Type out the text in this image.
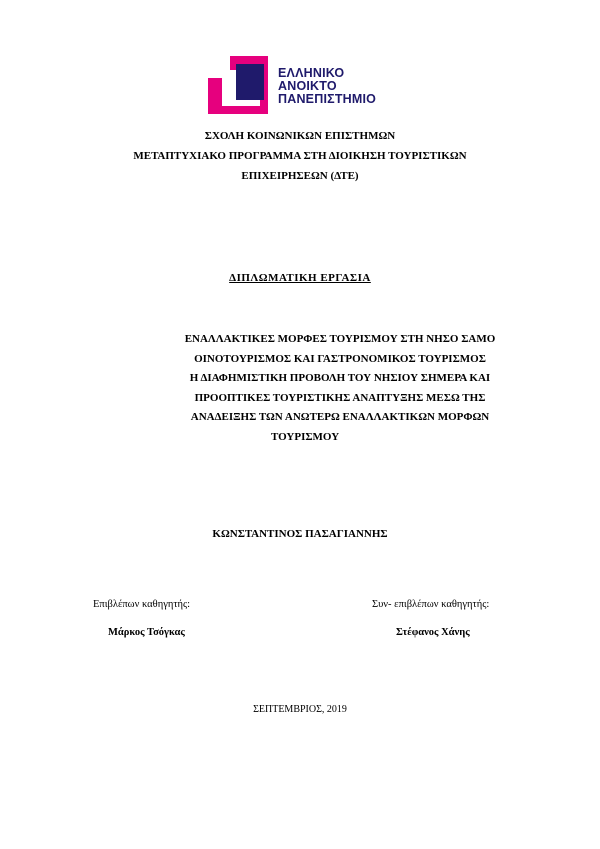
ΕΛΛΗΝΙΚΟ
ΑΝΟΙΚΤΟ
ΠΑΝΕΠΙΣΤΗΜΙΟ
ΣΧΟΛΗ ΚΟΙΝΩΝΙΚΩΝ ΕΠΙΣΤΗΜΩΝ
ΜΕΤΑΠΤΥΧΙΑΚΟ ΠΡΟΓΡΑΜΜΑ ΣΤΗ ΔΙΟΙΚΗΣΗ ΤΟΥΡΙΣΤΙΚΩΝ
ΕΠΙΧΕΙΡΗΣΕΩΝ (ΔΤΕ)
ΔΙΠΛΩΜΑΤΙΚΗ ΕΡΓΑΣΙΑ
ΕΝΑΛΛΑΚΤΙΚΕΣ ΜΟΡΦΕΣ ΤΟΥΡΙΣΜΟΥ ΣΤΗ ΝΗΣΟ ΣΑΜΟ
ΟΙΝΟΤΟΥΡΙΣΜΟΣ ΚΑΙ ΓΑΣΤΡΟΝΟΜΙΚΟΣ ΤΟΥΡΙΣΜΟΣ
Η ΔΙΑΦΗΜΙΣΤΙΚΗ ΠΡΟΒΟΛΗ ΤΟΥ ΝΗΣΙΟΥ ΣΗΜΕΡΑ ΚΑΙ
ΠΡΟΟΠΤΙΚΕΣ ΤΟΥΡΙΣΤΙΚΗΣ ΑΝΑΠΤΥΞΗΣ ΜΕΣΩ ΤΗΣ
ΑΝΑΔΕΙΞΗΣ ΤΩΝ ΑΝΩΤΕΡΩ ΕΝΑΛΛΑΚΤΙΚΩΝ ΜΟΡΦΩΝ
ΤΟΥΡΙΣΜΟΥ
ΚΩΝΣΤΑΝΤΙΝΟΣ ΠΑΣΑΓΙΑΝΝΗΣ
Επιβλέπων καθηγητής:
Μάρκος Τσόγκας
Συν- επιβλέπων καθηγητής:
Στέφανος Χάνης
ΣΕΠΤΕΜΒΡΙΟΣ, 2019
